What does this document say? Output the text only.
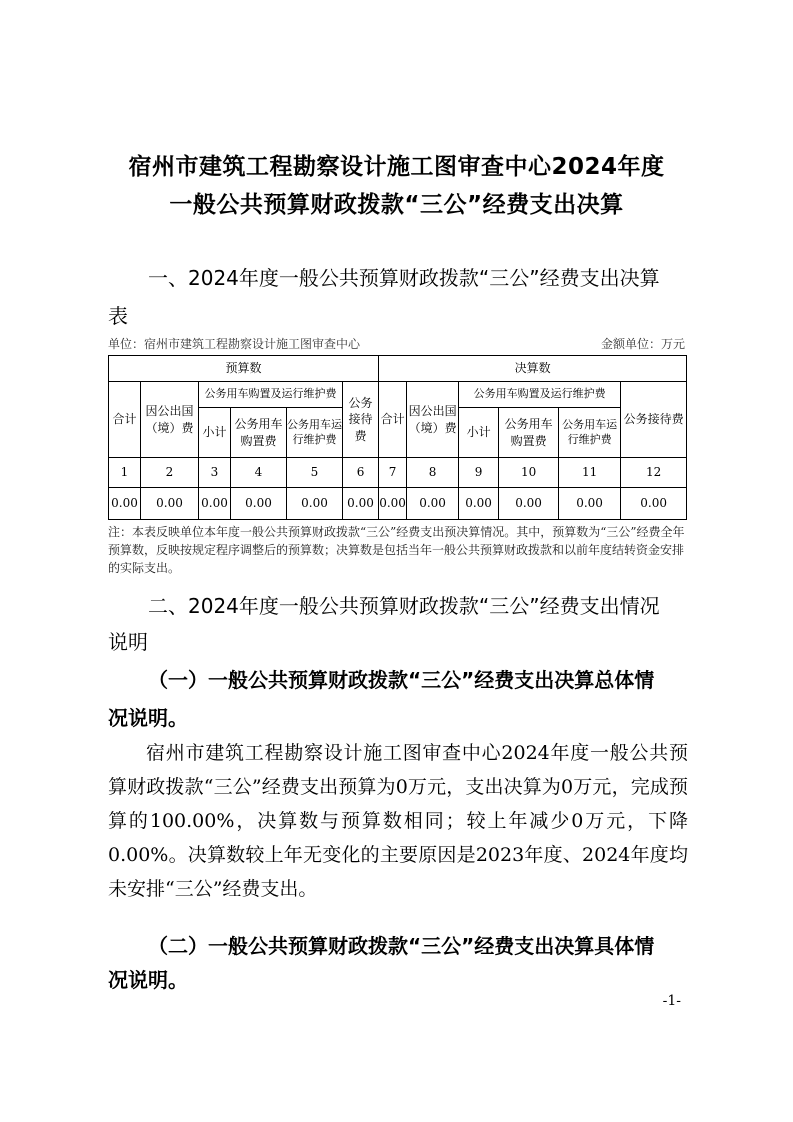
宿州市建筑工程勘察设计施工图审查中心2024年度
一般公共预算财政拨款“三公”经费支出决算
一、2024年度一般公共预算财政拨款“三公”经费支出决算
表
单位：宿州市建筑工程勘察设计施工图审查中心	金额单位：万元
预算数						决算数					
合计	因公出国（境）费	公务用车购置及运行维护费			公务接待费	合计	因公出国（境）费	公务用车购置及运行维护费			公务接待费
		小计	公务用车购置费	公务用车运行维护费				小计	公务用车购置费	公务用车运行维护费	
1	2	3	4	5	6	7	8	9	10	11	12
0.00	0.00	0.00	0.00	0.00	0.00	0.00	0.00	0.00	0.00	0.00	0.00
注：本表反映单位本年度一般公共预算财政拨款“三公”经费支出预决算情况。其中，预算数为“三公”经费全年预算数，反映按规定程序调整后的预算数；决算数是包括当年一般公共预算财政拨款和以前年度结转资金安排的实际支出。
二、2024年度一般公共预算财政拨款“三公”经费支出情况
说明
（一）一般公共预算财政拨款“三公”经费支出决算总体情
况说明。
宿州市建筑工程勘察设计施工图审查中心2024年度一般公共预算财政拨款“三公”经费支出预算为0万元，支出决算为0万元，完成预算的100.00%，决算数与预算数相同；较上年减少0万元，下降0.00%。决算数较上年无变化的主要原因是2023年度、2024年度均未安排“三公”经费支出。
（二）一般公共预算财政拨款“三公”经费支出决算具体情
况说明。
-1-
